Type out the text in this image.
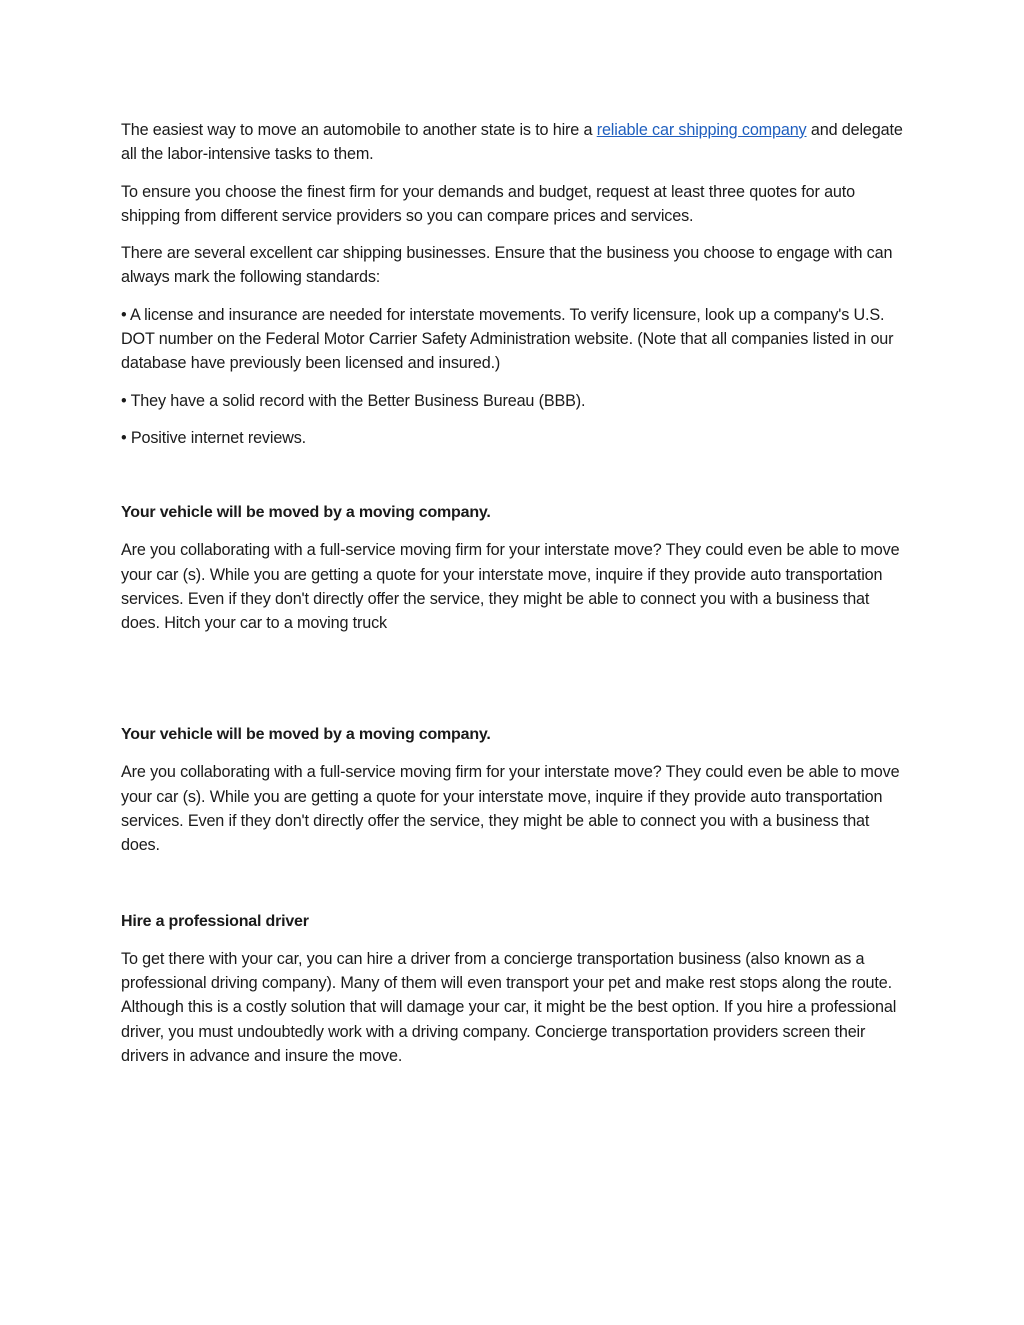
The easiest way to move an automobile to another state is to hire a reliable car shipping company and delegate all the labor-intensive tasks to them.

To ensure you choose the finest firm for your demands and budget, request at least three quotes for auto shipping from different service providers so you can compare prices and services.

There are several excellent car shipping businesses. Ensure that the business you choose to engage with can always mark the following standards:

• A license and insurance are needed for interstate movements. To verify licensure, look up a company's U.S. DOT number on the Federal Motor Carrier Safety Administration website. (Note that all companies listed in our database have previously been licensed and insured.)

• They have a solid record with the Better Business Bureau (BBB).

• Positive internet reviews.

Your vehicle will be moved by a moving company.

Are you collaborating with a full-service moving firm for your interstate move? They could even be able to move your car (s). While you are getting a quote for your interstate move, inquire if they provide auto transportation services. Even if they don't directly offer the service, they might be able to connect you with a business that does. Hitch your car to a moving truck

Your vehicle will be moved by a moving company.

Are you collaborating with a full-service moving firm for your interstate move? They could even be able to move your car (s). While you are getting a quote for your interstate move, inquire if they provide auto transportation services. Even if they don't directly offer the service, they might be able to connect you with a business that does.

Hire a professional driver

To get there with your car, you can hire a driver from a concierge transportation business (also known as a professional driving company). Many of them will even transport your pet and make rest stops along the route. Although this is a costly solution that will damage your car, it might be the best option. If you hire a professional driver, you must undoubtedly work with a driving company. Concierge transportation providers screen their drivers in advance and insure the move.
